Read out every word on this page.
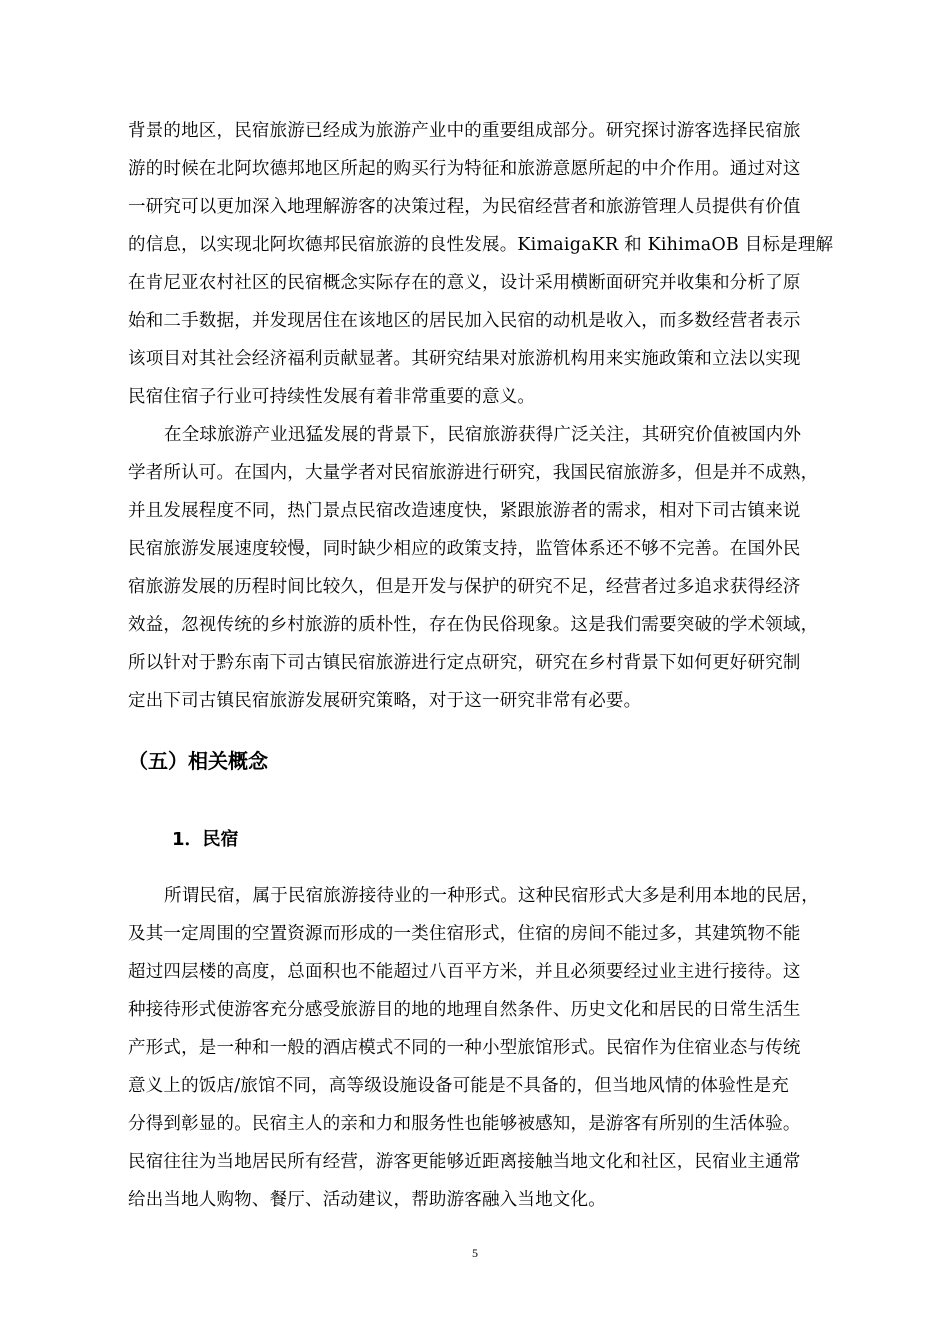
背景的地区，民宿旅游已经成为旅游产业中的重要组成部分。研究探讨游客选择民宿旅
游的时候在北阿坎德邦地区所起的购买行为特征和旅游意愿所起的中介作用。通过对这
一研究可以更加深入地理解游客的决策过程，为民宿经营者和旅游管理人员提供有价值
的信息，以实现北阿坎德邦民宿旅游的良性发展。KimaigaKR 和 KihimaOB 目标是理解
在肯尼亚农村社区的民宿概念实际存在的意义，设计采用横断面研究并收集和分析了原
始和二手数据，并发现居住在该地区的居民加入民宿的动机是收入，而多数经营者表示
该项目对其社会经济福利贡献显著。其研究结果对旅游机构用来实施政策和立法以实现
民宿住宿子行业可持续性发展有着非常重要的意义。
在全球旅游产业迅猛发展的背景下，民宿旅游获得广泛关注，其研究价值被国内外
学者所认可。在国内，大量学者对民宿旅游进行研究，我国民宿旅游多，但是并不成熟，
并且发展程度不同，热门景点民宿改造速度快，紧跟旅游者的需求，相对下司古镇来说
民宿旅游发展速度较慢，同时缺少相应的政策支持，监管体系还不够不完善。在国外民
宿旅游发展的历程时间比较久，但是开发与保护的研究不足，经营者过多追求获得经济
效益，忽视传统的乡村旅游的质朴性，存在伪民俗现象。这是我们需要突破的学术领域，
所以针对于黔东南下司古镇民宿旅游进行定点研究，研究在乡村背景下如何更好研究制
定出下司古镇民宿旅游发展研究策略，对于这一研究非常有必要。
（五）相关概念
1．民宿
所谓民宿，属于民宿旅游接待业的一种形式。这种民宿形式大多是利用本地的民居，
及其一定周围的空置资源而形成的一类住宿形式，住宿的房间不能过多，其建筑物不能
超过四层楼的高度，总面积也不能超过八百平方米，并且必须要经过业主进行接待。这
种接待形式使游客充分感受旅游目的地的地理自然条件、历史文化和居民的日常生活生
产形式，是一种和一般的酒店模式不同的一种小型旅馆形式。民宿作为住宿业态与传统
意义上的饭店/旅馆不同，高等级设施设备可能是不具备的，但当地风情的体验性是充
分得到彰显的。民宿主人的亲和力和服务性也能够被感知，是游客有所别的生活体验。
民宿往往为当地居民所有经营，游客更能够近距离接触当地文化和社区，民宿业主通常
给出当地人购物、餐厅、活动建议，帮助游客融入当地文化。
5
